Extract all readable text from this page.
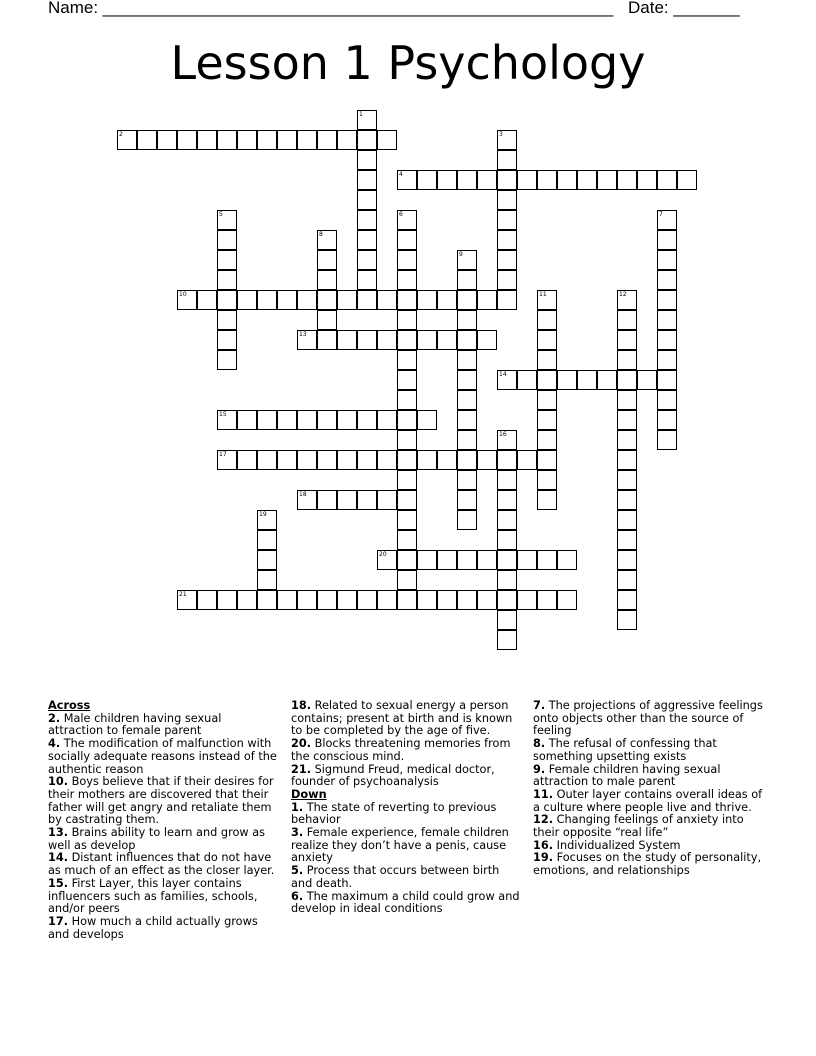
Name: ______________________________________________________ Date: _______
Lesson 1 Psychology
2
4
10
13
14
15
17
18
20
21
1
3
5	6	7
8
9
11	12
16
19
Across
2. Male children having sexual attraction to female parent
4. The modification of malfunction with socially adequate reasons instead of the authentic reason
10. Boys believe that if their desires for their mothers are discovered that their father will get angry and retaliate them by castrating them.
13. Brains ability to learn and grow as well as develop
14. Distant influences that do not have as much of an effect as the closer layer.
15. First Layer, this layer contains influencers such as families, schools, and/or peers
17. How much a child actually grows and develops
18. Related to sexual energy a person contains; present at birth and is known to be completed by the age of five.
20. Blocks threatening memories from the conscious mind.
21. Sigmund Freud, medical doctor, founder of psychoanalysis
Down
1. The state of reverting to previous behavior
3. Female experience, female children realize they don’t have a penis, cause anxiety
5. Process that occurs between birth and death.
6. The maximum a child could grow and develop in ideal conditions
7. The projections of aggressive feelings onto objects other than the source of feeling
8. The refusal of confessing that something upsetting exists
9. Female children having sexual attraction to male parent
11. Outer layer contains overall ideas of a culture where people live and thrive.
12. Changing feelings of anxiety into their opposite “real life”
16. Individualized System
19. Focuses on the study of personality, emotions, and relationships
